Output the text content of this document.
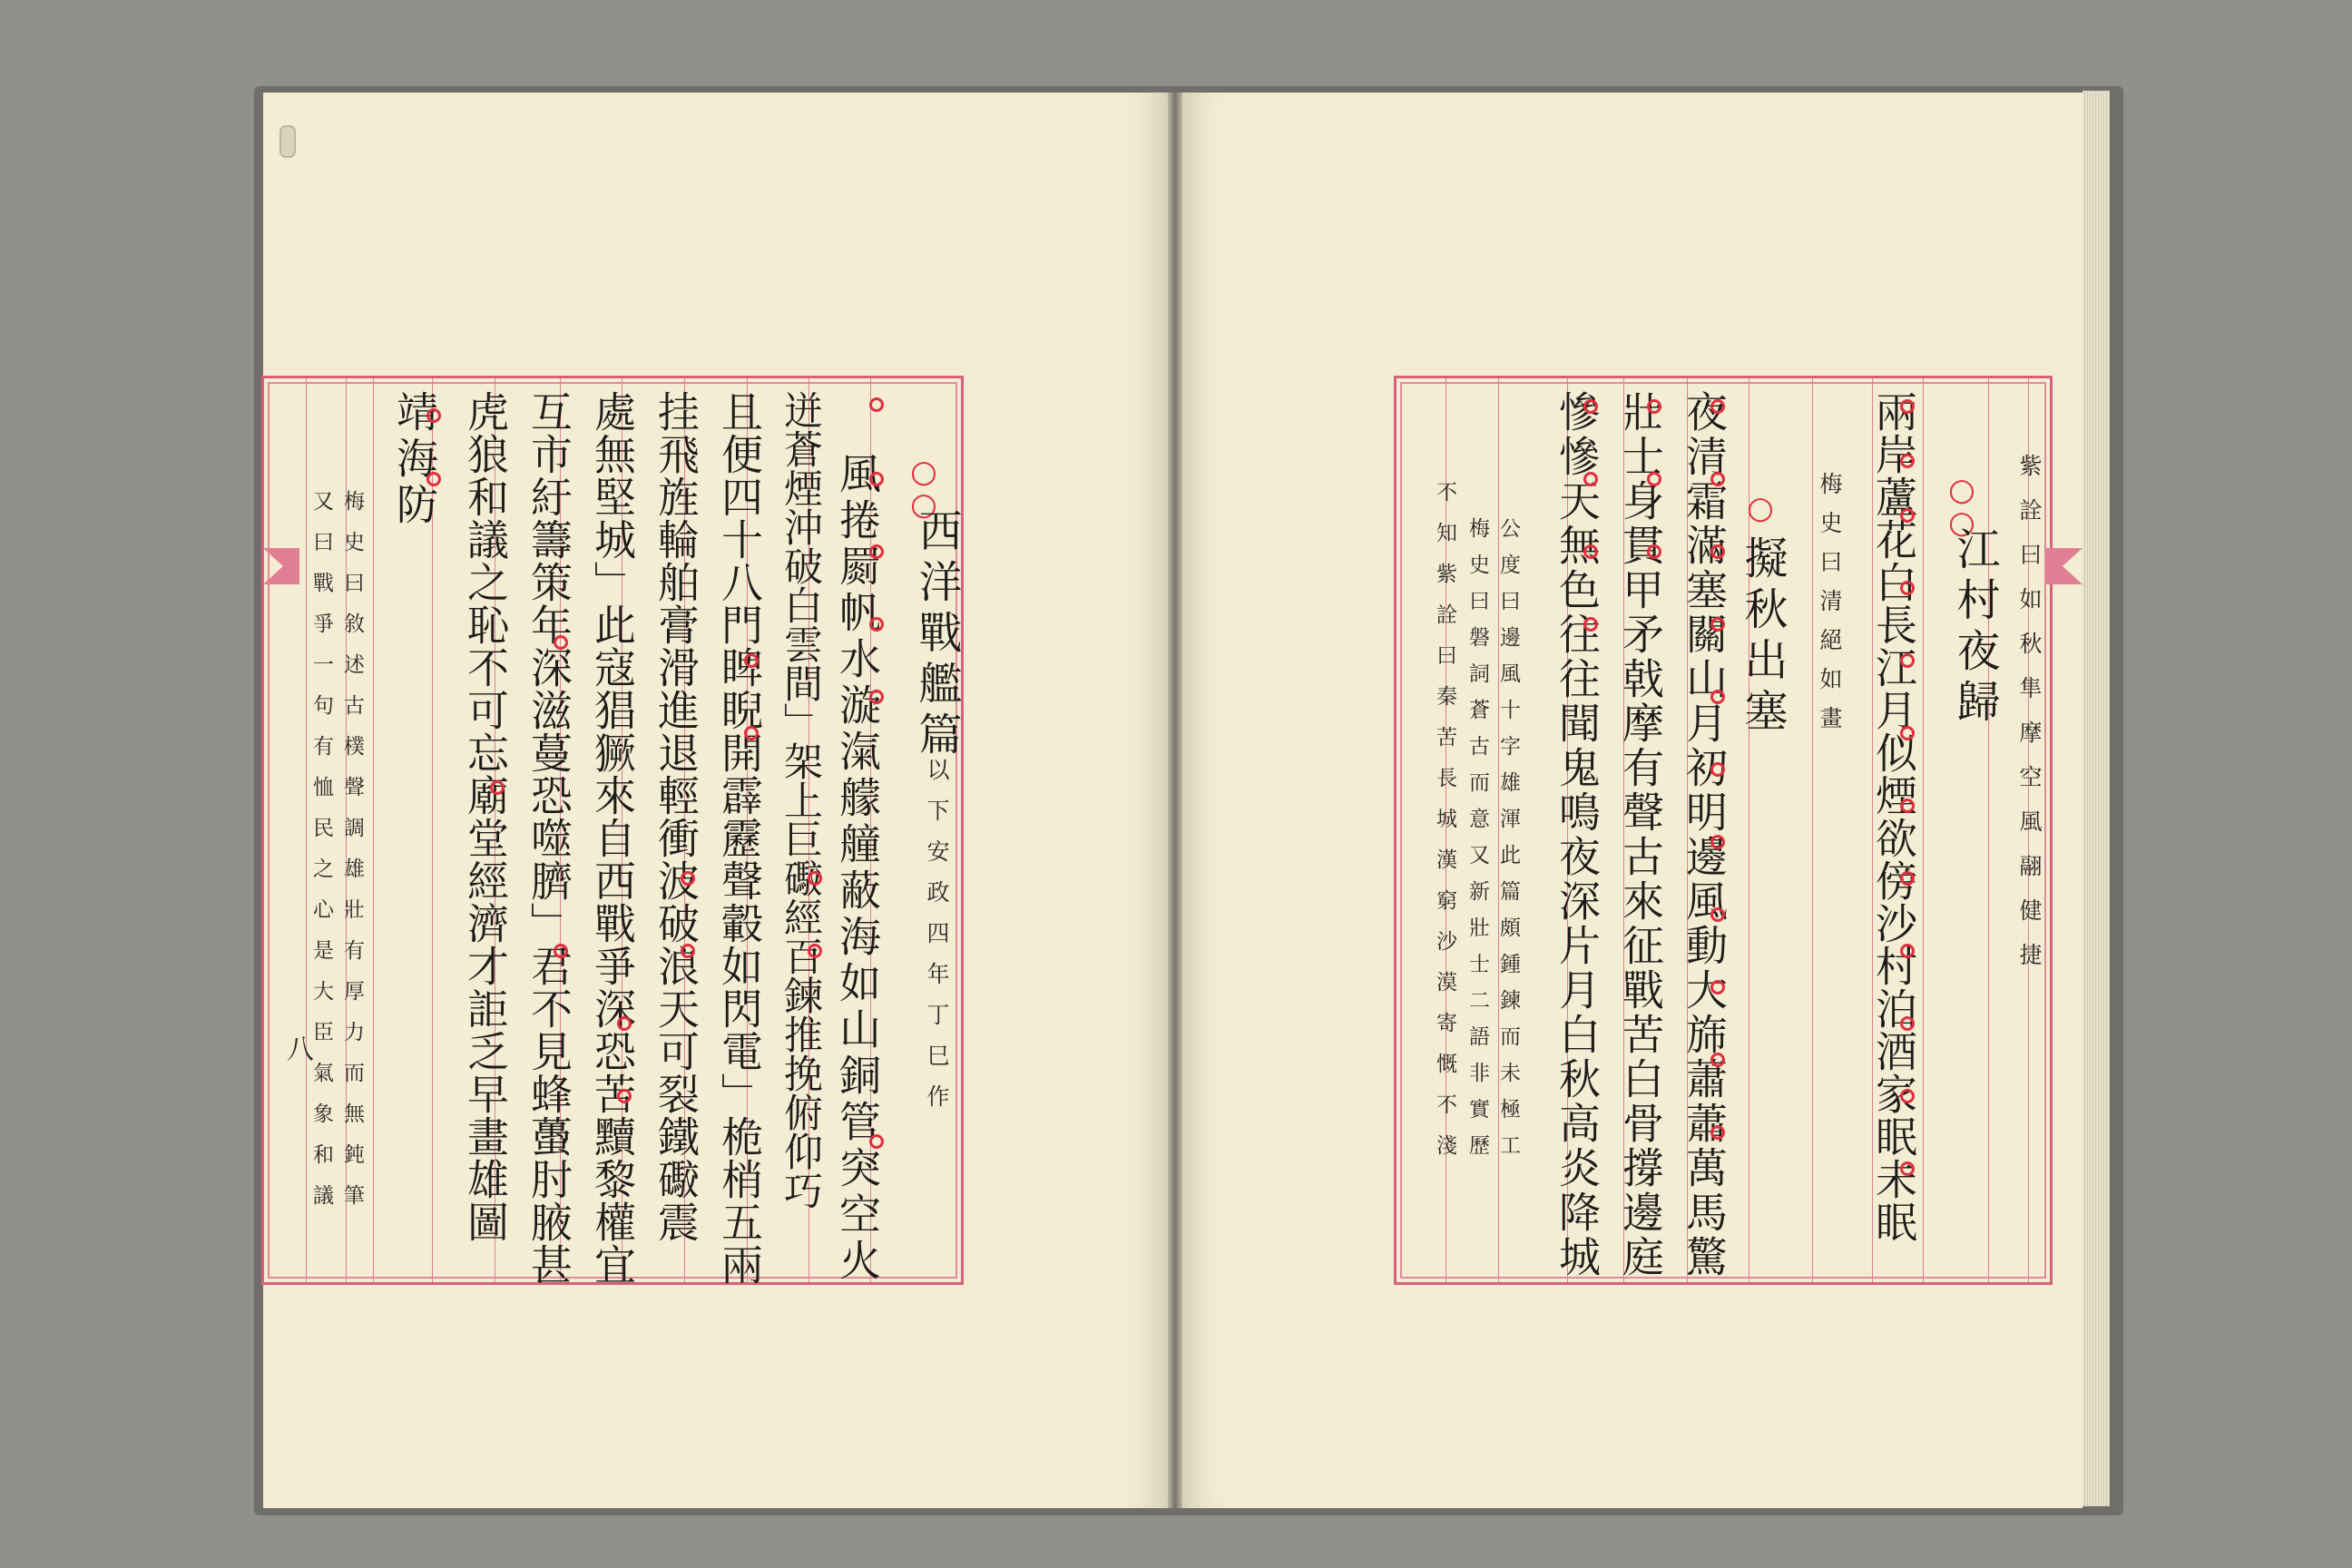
○○
西洋戰艦篇
以下安政四年丁巳作
風捲罽帆水漩滊艨艟蔽海如山銅管突空火
迸蒼煙沖破白雲間」架上巨礮經百鍊推挽俯仰巧
且便四十八門睥睨開霹靂聲轂如閃電」桅梢五兩
挂飛旌輪舶膏滑進退輕衝波破浪天可裂鐵礮震
處無堅城」此寇猖獗來自西戰爭深恐苦黷黎權宜
互市紆籌策年深滋蔓恐噬臍」君不見蜂蠆肘腋甚
虎狼和議之恥不可忘廟堂經濟才詎乏早畫雄圖
靖海防
梅史曰敘述古樸聲調雄壯有厚力而無鈍筆
又曰戰爭一句有恤民之心是大臣氣象和議
八
紫詮曰如秋隼摩空風翮健捷
○○
江村夜歸
兩岸蘆花白長江月似煙欲傍沙村泊酒家眠未眠
梅史曰清絕如畫
○
擬秋出塞
夜清霜滿塞關山月初明邊風動大旆蕭蕭萬馬驚
壯士身貫甲矛戟摩有聲古來征戰苦白骨撐邊庭
慘慘天無色往往聞鬼鳴夜深片月白秋高炎降城
公度曰邊風十字雄渾此篇頗鍾鍊而未極工
梅史曰磐詞蒼古而意又新壯士二語非實歷
不知紫詮曰秦苦長城漢窮沙漠寄慨不淺
